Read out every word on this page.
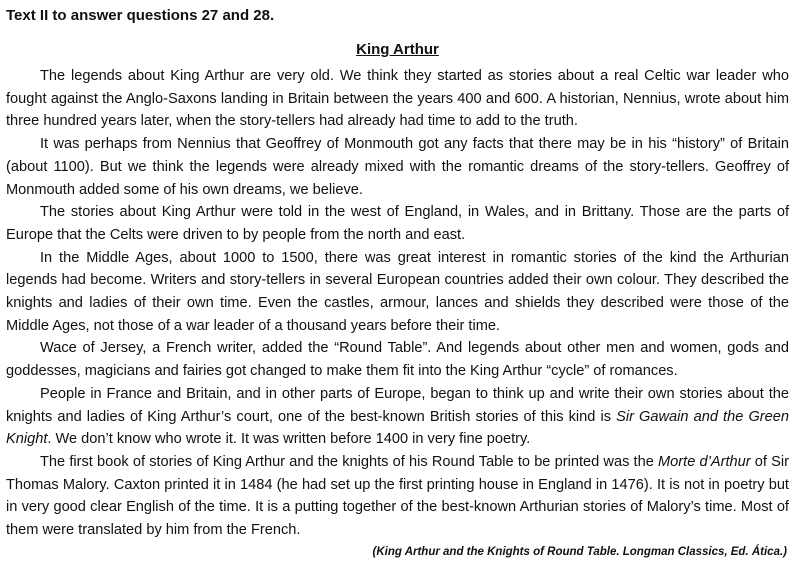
Text II to answer questions 27 and 28.
King Arthur

The legends about King Arthur are very old. We think they started as stories about a real Celtic war leader who fought against the Anglo-Saxons landing in Britain between the years 400 and 600. A historian, Nennius, wrote about him three hundred years later, when the story-tellers had already had time to add to the truth.

It was perhaps from Nennius that Geoffrey of Monmouth got any facts that there may be in his “history” of Britain (about 1100). But we think the legends were already mixed with the romantic dreams of the story-tellers. Geoffrey of Monmouth added some of his own dreams, we believe.

The stories about King Arthur were told in the west of England, in Wales, and in Brittany. Those are the parts of Europe that the Celts were driven to by people from the north and east.

In the Middle Ages, about 1000 to 1500, there was great interest in romantic stories of the kind the Arthurian legends had become. Writers and story-tellers in several European countries added their own colour. They described the knights and ladies of their own time. Even the castles, armour, lances and shields they described were those of the Middle Ages, not those of a war leader of a thousand years before their time.

Wace of Jersey, a French writer, added the “Round Table”. And legends about other men and women, gods and goddesses, magicians and fairies got changed to make them fit into the King Arthur “cycle” of romances.

People in France and Britain, and in other parts of Europe, began to think up and write their own stories about the knights and ladies of King Arthur’s court, one of the best-known British stories of this kind is Sir Gawain and the Green Knight. We don’t know who wrote it. It was written before 1400 in very fine poetry.

The first book of stories of King Arthur and the knights of his Round Table to be printed was the Morte d’Arthur of Sir Thomas Malory. Caxton printed it in 1484 (he had set up the first printing house in England in 1476). It is not in poetry but in very good clear English of the time. It is a putting together of the best-known Arthurian stories of Malory’s time. Most of them were translated by him from the French.

(King Arthur and the Knights of Round Table. Longman Classics, Ed. Ática.)
